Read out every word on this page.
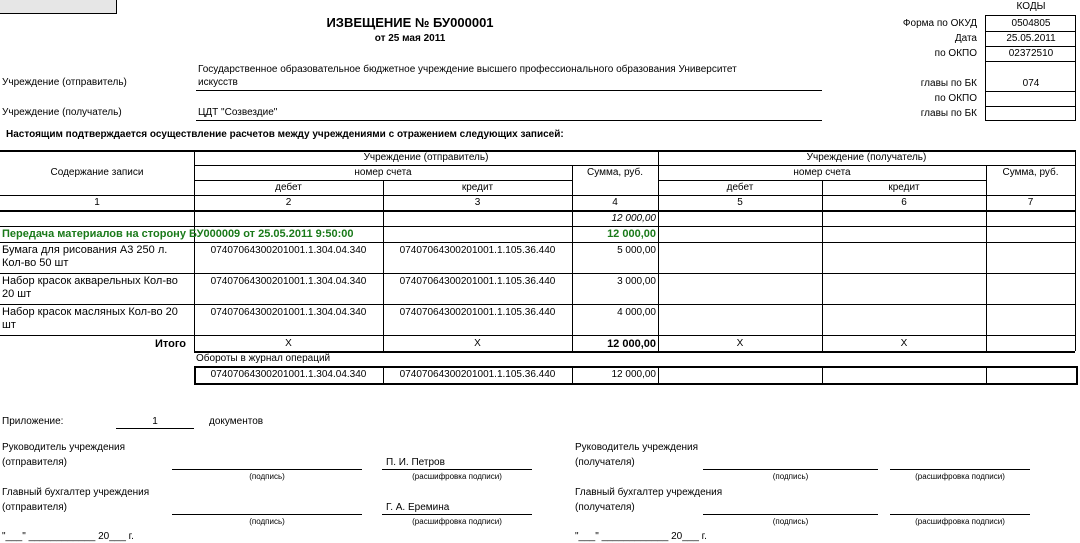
ИЗВЕЩЕНИЕ № БУ000001
от 25 мая 2011
КОДЫ
Форма по ОКУД	0504805
Дата	25.05.2011
по ОКПО	02372510
главы по БК	074
по ОКПО
главы по БК
Учреждение (отправитель)
Государственное образовательное бюджетное учреждение высшего профессионального образования Университет
искусств
Учреждение (получатель)	ЦДТ "Созвездие"
Настоящим подтверждается осуществление расчетов между учреждениями с отражением следующих записей:
Содержание записи
Учреждение (отправитель)	Учреждение (получатель)
номер счета	Сумма, руб.	номер счета	Сумма, руб.
дебет	кредит	дебет	кредит
1	2	3	4	5	6	7
12 000,00
Передача материалов на сторону БУ000009 от 25.05.2011 9:50:00	12 000,00
Бумага для рисования А3 250 л. Кол-во 50 шт
07407064300201001.1.304.04.340	07407064300201001.1.105.36.440	5 000,00
Набор красок акварельных Кол-во 20 шт
07407064300201001.1.304.04.340	07407064300201001.1.105.36.440	3 000,00
Набор красок масляных Кол-во 20 шт
07407064300201001.1.304.04.340	07407064300201001.1.105.36.440	4 000,00
Итого	X	X	12 000,00	X	X
Обороты в журнал операций
07407064300201001.1.304.04.340	07407064300201001.1.105.36.440	12 000,00
Приложение:	1	документов
Руководитель учреждения
(отправителя)
(подпись)
П. И. Петров
(расшифровка подписи)
Главный бухгалтер учреждения
(отправителя)
(подпись)
Г. А. Еремина
(расшифровка подписи)
Руководитель учреждения
(получателя)
(подпись)	(расшифровка подписи)
Главный бухгалтер учреждения
(получателя)
(подпись)	(расшифровка подписи)
"___" ____________ 20___ г.	"___" ____________ 20___ г.
